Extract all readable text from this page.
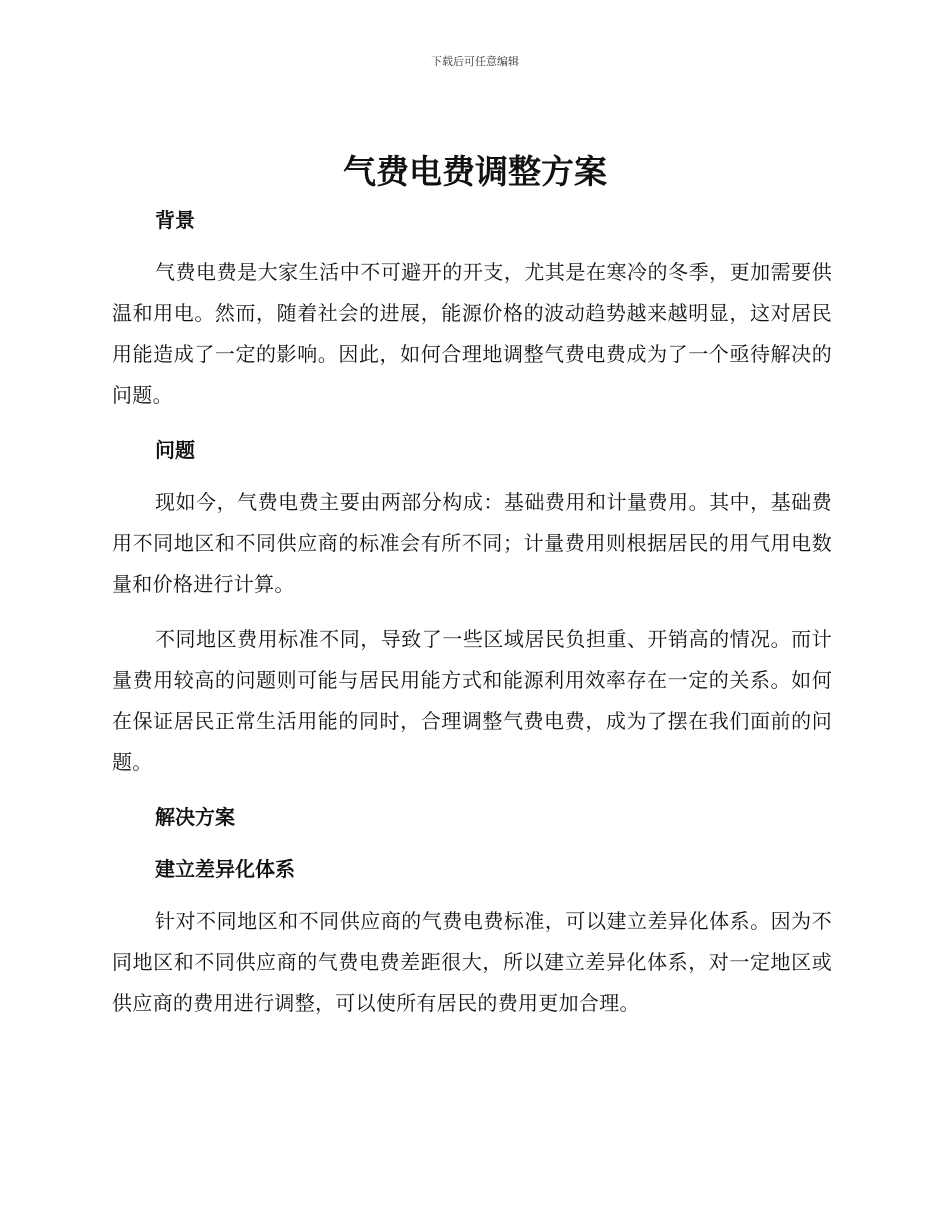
下载后可任意编辑
气费电费调整方案

背景

气费电费是大家生活中不可避开的开支，尤其是在寒冷的冬季，更加需要供温和用电。然而，随着社会的进展，能源价格的波动趋势越来越明显，这对居民用能造成了一定的影响。因此，如何合理地调整气费电费成为了一个亟待解决的问题。

问题

现如今，气费电费主要由两部分构成：基础费用和计量费用。其中，基础费用不同地区和不同供应商的标准会有所不同；计量费用则根据居民的用气用电数量和价格进行计算。

不同地区费用标准不同，导致了一些区域居民负担重、开销高的情况。而计量费用较高的问题则可能与居民用能方式和能源利用效率存在一定的关系。如何在保证居民正常生活用能的同时，合理调整气费电费，成为了摆在我们面前的问题。

解决方案

建立差异化体系

针对不同地区和不同供应商的气费电费标准，可以建立差异化体系。因为不同地区和不同供应商的气费电费差距很大，所以建立差异化体系，对一定地区或供应商的费用进行调整，可以使所有居民的费用更加合理。
